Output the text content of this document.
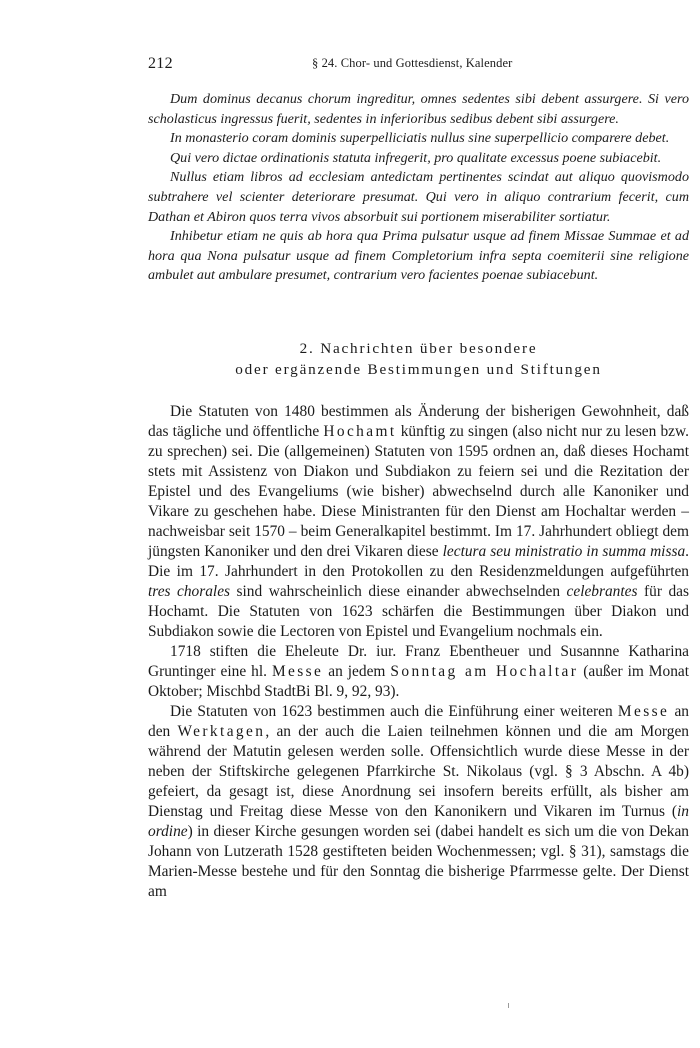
212	§ 24. Chor- und Gottesdienst, Kalender

Dum dominus decanus chorum ingreditur, omnes sedentes sibi debent assurgere. Si vero scholasticus ingressus fuerit, sedentes in inferioribus sedibus debent sibi assurgere.

In monasterio coram dominis superpelliciatis nullus sine superpellicio comparere debet.

Qui vero dictae ordinationis statuta infregerit, pro qualitate excessus poene subiacebit.

Nullus etiam libros ad ecclesiam antedictam pertinentes scindat aut aliquo quovismodo subtrahere vel scienter deteriorare presumat. Qui vero in aliquo contrarium fecerit, cum Dathan et Abiron quos terra vivos absorbuit sui portionem miserabiliter sortiatur.

Inhibetur etiam ne quis ab hora qua Prima pulsatur usque ad finem Missae Summae et ad hora qua Nona pulsatur usque ad finem Completorium infra septa coemiterii sine religione ambulet aut ambulare presumet, contrarium vero facientes poenae subiacebunt.

2. Nachrichten über besondere
oder ergänzende Bestimmungen und Stiftungen

Die Statuten von 1480 bestimmen als Änderung der bisherigen Gewohnheit, daß das tägliche und öffentliche Hochamt künftig zu singen (also nicht nur zu lesen bzw. zu sprechen) sei. Die (allgemeinen) Statuten von 1595 ordnen an, daß dieses Hochamt stets mit Assistenz von Diakon und Subdiakon zu feiern sei und die Rezitation der Epistel und des Evangeliums (wie bisher) abwechselnd durch alle Kanoniker und Vikare zu geschehen habe. Diese Ministranten für den Dienst am Hochaltar werden – nachweisbar seit 1570 – beim Generalkapitel bestimmt. Im 17. Jahrhundert obliegt dem jüngsten Kanoniker und den drei Vikaren diese lectura seu ministratio in summa missa. Die im 17. Jahrhundert in den Protokollen zu den Residenzmeldungen aufgeführten tres chorales sind wahrscheinlich diese einander abwechselnden celebrantes für das Hochamt. Die Statuten von 1623 schärfen die Bestimmungen über Diakon und Subdiakon sowie die Lectoren von Epistel und Evangelium nochmals ein.

1718 stiften die Eheleute Dr. iur. Franz Ebentheuer und Susannne Katharina Gruntinger eine hl. Messe an jedem Sonntag am Hochaltar (außer im Monat Oktober; Mischbd StadtBi Bl. 9, 92, 93).

Die Statuten von 1623 bestimmen auch die Einführung einer weiteren Messe an den Werktagen, an der auch die Laien teilnehmen können und die am Morgen während der Matutin gelesen werden solle. Offensichtlich wurde diese Messe in der neben der Stiftskirche gelegenen Pfarrkirche St. Nikolaus (vgl. § 3 Abschn. A 4b) gefeiert, da gesagt ist, diese Anordnung sei insofern bereits erfüllt, als bisher am Dienstag und Freitag diese Messe von den Kanonikern und Vikaren im Turnus (in ordine) in dieser Kirche gesungen worden sei (dabei handelt es sich um die von Dekan Johann von Lutzerath 1528 gestifteten beiden Wochenmessen; vgl. § 31), samstags die Marien-Messe bestehe und für den Sonntag die bisherige Pfarrmesse gelte. Der Dienst am
